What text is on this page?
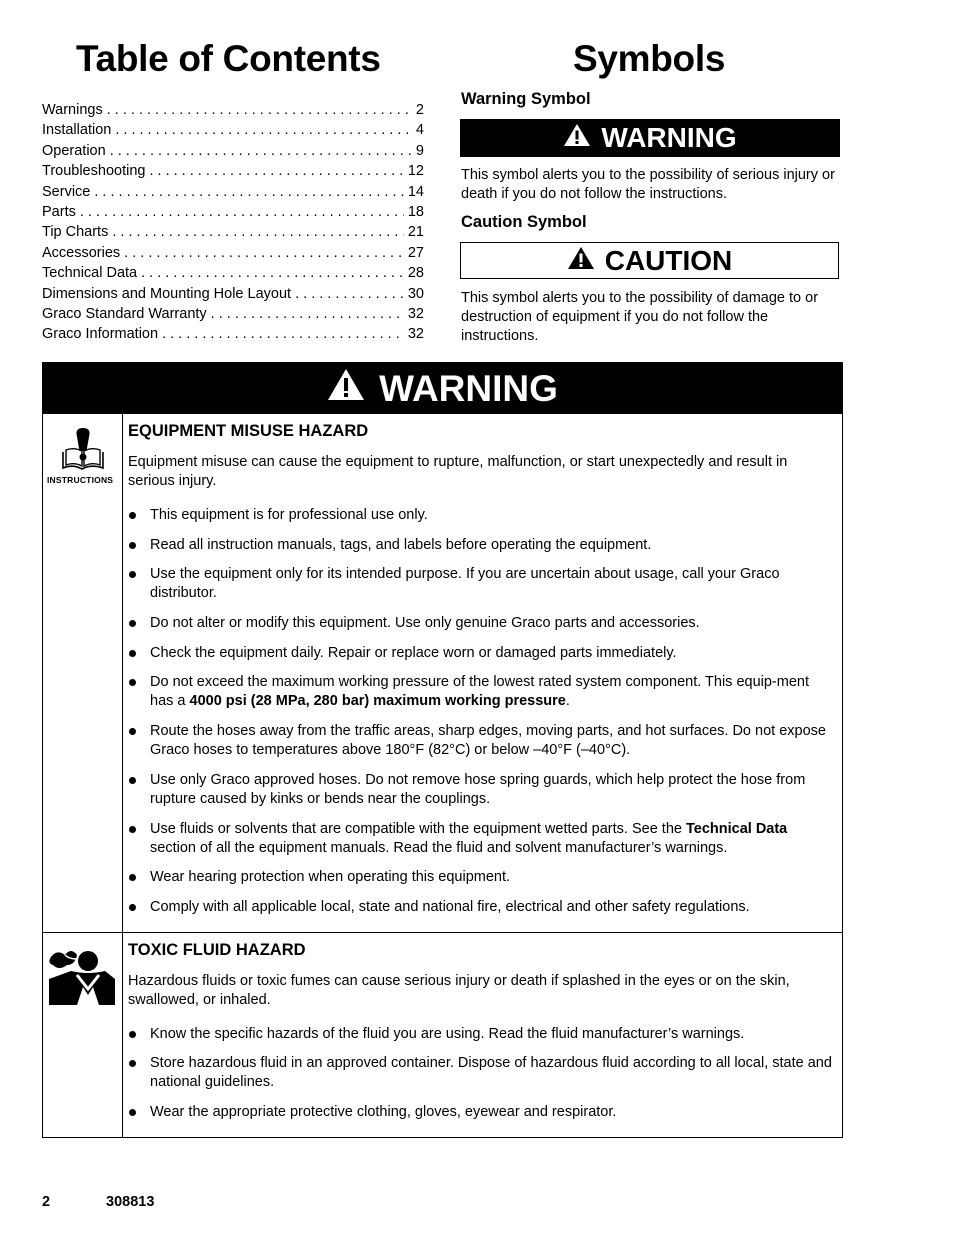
Table of Contents
Warnings . . .	2
Installation . . .	4
Operation . . .	9
Troubleshooting . . .	12
Service . . .	14
Parts . . .	18
Tip Charts . . .	21
Accessories . . .	27
Technical Data . . .	28
Dimensions and Mounting Hole Layout . . .	30
Graco Standard Warranty . . .	32
Graco Information . . .	32
Symbols
Warning Symbol
WARNING
This symbol alerts you to the possibility of serious injury or death if you do not follow the instructions.
Caution Symbol
CAUTION
This symbol alerts you to the possibility of damage to or destruction of equipment if you do not follow the instructions.
WARNING
INSTRUCTIONS
EQUIPMENT MISUSE HAZARD
Equipment misuse can cause the equipment to rupture, malfunction, or start unexpectedly and result in serious injury.
This equipment is for professional use only.
Read all instruction manuals, tags, and labels before operating the equipment.
Use the equipment only for its intended purpose. If you are uncertain about usage, call your Graco distributor.
Do not alter or modify this equipment. Use only genuine Graco parts and accessories.
Check the equipment daily. Repair or replace worn or damaged parts immediately.
Do not exceed the maximum working pressure of the lowest rated system component. This equip-ment has a 4000 psi (28 MPa, 280 bar) maximum working pressure.
Route the hoses away from the traffic areas, sharp edges, moving parts, and hot surfaces. Do not expose Graco hoses to temperatures above 180°F (82°C) or below –40°F (–40°C).
Use only Graco approved hoses. Do not remove hose spring guards, which help protect the hose from rupture caused by kinks or bends near the couplings.
Use fluids or solvents that are compatible with the equipment wetted parts. See the Technical Data section of all the equipment manuals. Read the fluid and solvent manufacturer’s warnings.
Wear hearing protection when operating this equipment.
Comply with all applicable local, state and national fire, electrical and other safety regulations.
TOXIC FLUID HAZARD
Hazardous fluids or toxic fumes can cause serious injury or death if splashed in the eyes or on the skin, swallowed, or inhaled.
Know the specific hazards of the fluid you are using. Read the fluid manufacturer’s warnings.
Store hazardous fluid in an approved container. Dispose of hazardous fluid according to all local, state and national guidelines.
Wear the appropriate protective clothing, gloves, eyewear and respirator.
2	308813
